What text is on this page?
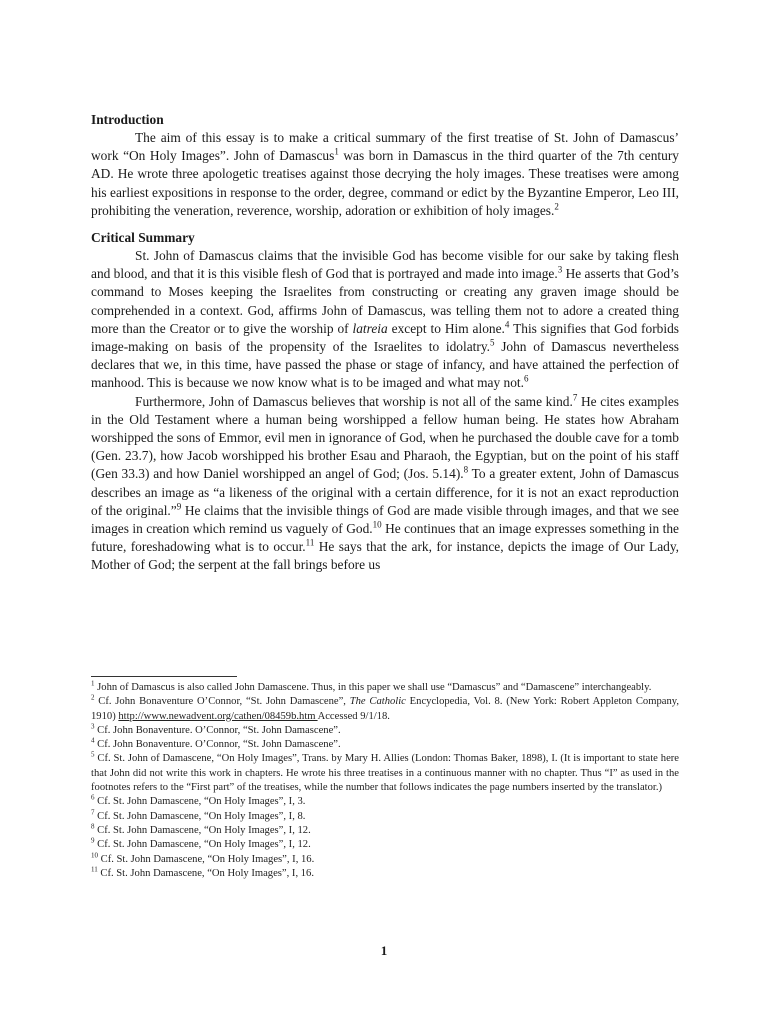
Introduction

The aim of this essay is to make a critical summary of the first treatise of St. John of Damascus’ work “On Holy Images”. John of Damascus$^1$ was born in Damascus in the third quarter of the 7th century AD. He wrote three apologetic treatises against those decrying the holy images. These treatises were among his earliest expositions in response to the order, degree, command or edict by the Byzantine Emperor, Leo III, prohibiting the veneration, reverence, worship, adoration or exhibition of holy images.$^2$

Critical Summary

St. John of Damascus claims that the invisible God has become visible for our sake by taking flesh and blood, and that it is this visible flesh of God that is portrayed and made into image.$^3$ He asserts that God’s command to Moses keeping the Israelites from constructing or creating any graven image should be comprehended in a context. God, affirms John of Damascus, was telling them not to adore a created thing more than the Creator or to give the worship of latreia except to Him alone.$^4$ This signifies that God forbids image-making on basis of the propensity of the Israelites to idolatry.$^5$ John of Damascus nevertheless declares that we, in this time, have passed the phase or stage of infancy, and have attained the perfection of manhood. This is because we now know what is to be imaged and what may not.$^6$

Furthermore, John of Damascus believes that worship is not all of the same kind.$^7$ He cites examples in the Old Testament where a human being worshipped a fellow human being. He states how Abraham worshipped the sons of Emmor, evil men in ignorance of God, when he purchased the double cave for a tomb (Gen. 23.7), how Jacob worshipped his brother Esau and Pharaoh, the Egyptian, but on the point of his staff (Gen 33.3) and how Daniel worshipped an angel of God; (Jos. 5.14).$^8$ To a greater extent, John of Damascus describes an image as “a likeness of the original with a certain difference, for it is not an exact reproduction of the original.”$^9$ He claims that the invisible things of God are made visible through images, and that we see images in creation which remind us vaguely of God.$^{10}$ He continues that an image expresses something in the future, foreshadowing what is to occur.$^{11}$ He says that the ark, for instance, depicts the image of Our Lady, Mother of God; the serpent at the fall brings before us

$^1$ John of Damascus is also called John Damascene. Thus, in this paper we shall use “Damascus” and “Damascene” interchangeably.

$^2$ Cf. John Bonaventure O’Connor, “St. John Damascene”, The Catholic Encyclopedia, Vol. 8. (New York: Robert Appleton Company, 1910) http://www.newadvent.org/cathen/08459b.htm Accessed 9/1/18.

$^3$ Cf. John Bonaventure. O’Connor, “St. John Damascene”.

$^4$ Cf. John Bonaventure. O’Connor, “St. John Damascene”.

$^5$ Cf. St. John of Damascene, “On Holy Images”, Trans. by Mary H. Allies (London: Thomas Baker, 1898), I. (It is important to state here that John did not write this work in chapters. He wrote his three treatises in a continuous manner with no chapter. Thus “I” as used in the footnotes refers to the “First part” of the treatises, while the number that follows indicates the page numbers inserted by the translator.)

$^6$ Cf. St. John Damascene, “On Holy Images”, I, 3.

$^7$ Cf. St. John Damascene, “On Holy Images”, I, 8.

$^8$ Cf. St. John Damascene, “On Holy Images”, I, 12.

$^9$ Cf. St. John Damascene, “On Holy Images”, I, 12.

$^{10}$ Cf. St. John Damascene, “On Holy Images”, I, 16.

$^{11}$ Cf. St. John Damascene, “On Holy Images”, I, 16.

1
